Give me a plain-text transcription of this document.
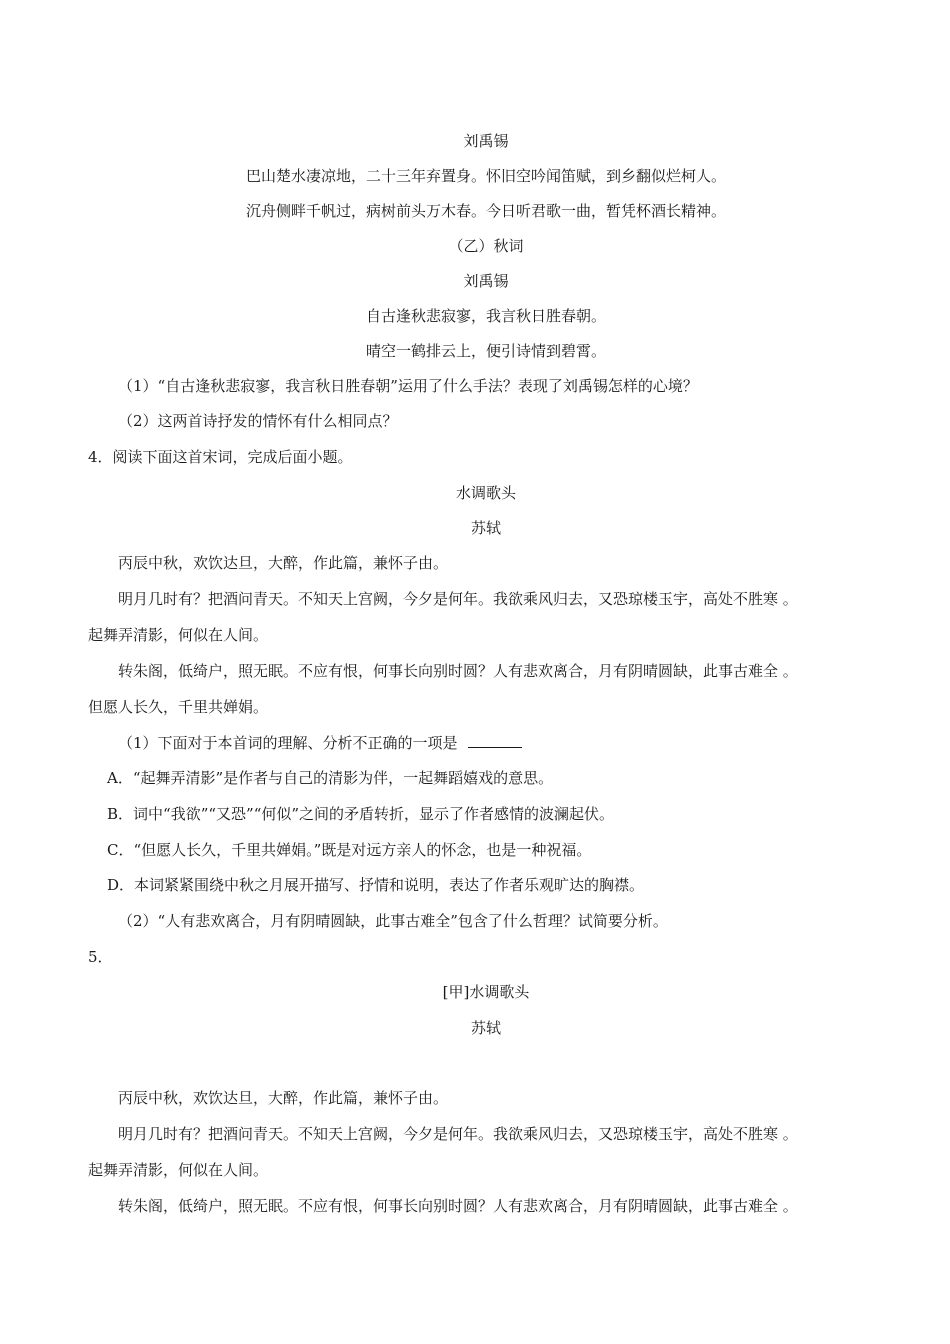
刘禹锡
巴山楚水凄凉地，二十三年弃置身。怀旧空吟闻笛赋，到乡翻似烂柯人。
沉舟侧畔千帆过，病树前头万木春。今日听君歌一曲，暂凭杯酒长精神。
（乙）秋词
刘禹锡
自古逢秋悲寂寥，我言秋日胜春朝。
晴空一鹤排云上，便引诗情到碧霄。
（1）“自古逢秋悲寂寥，我言秋日胜春朝”运用了什么手法？表现了刘禹锡怎样的心境？
（2）这两首诗抒发的情怀有什么相同点？
4．阅读下面这首宋词，完成后面小题。
水调歌头
苏轼
丙辰中秋，欢饮达旦，大醉，作此篇，兼怀子由。
明月几时有？把酒问青天。不知天上宫阙，今夕是何年。我欲乘风归去，又恐琼楼玉宇，高处不胜寒 。
起舞弄清影，何似在人间。
转朱阁，低绮户，照无眠。不应有恨，何事长向别时圆？人有悲欢离合，月有阴晴圆缺，此事古难全 。
但愿人长久，千里共婵娟。
（1）下面对于本首词的理解、分析不正确的一项是
A．“起舞弄清影”是作者与自己的清影为伴，一起舞蹈嬉戏的意思。
B．词中“我欲”“又恐”“何似”之间的矛盾转折，显示了作者感情的波澜起伏。
C．“但愿人长久，千里共婵娟。”既是对远方亲人的怀念，也是一种祝福。
D．本词紧紧围绕中秋之月展开描写、抒情和说明，表达了作者乐观旷达的胸襟。
（2）“人有悲欢离合，月有阴晴圆缺，此事古难全”包含了什么哲理？试简要分析。
5．
[甲]水调歌头
苏轼
丙辰中秋，欢饮达旦，大醉，作此篇，兼怀子由。
明月几时有？把酒问青天。不知天上宫阙，今夕是何年。我欲乘风归去，又恐琼楼玉宇，高处不胜寒 。
起舞弄清影，何似在人间。
转朱阁，低绮户，照无眠。不应有恨，何事长向别时圆？人有悲欢离合，月有阴晴圆缺，此事古难全 。
